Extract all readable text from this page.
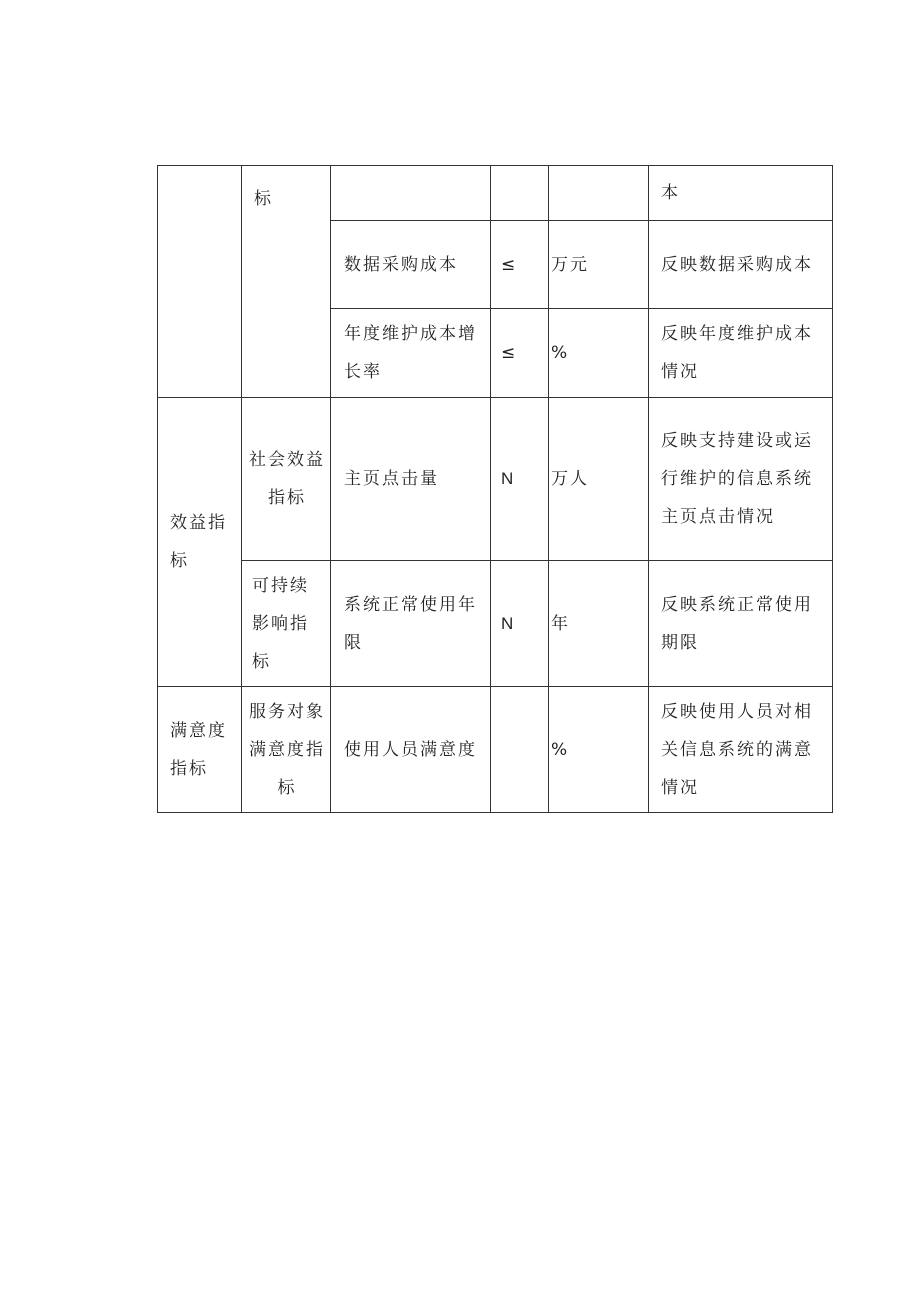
	标				本
		数据采购成本	≤	万元	反映数据采购成本
		年度维护成本增长率	≤	%	反映年度维护成本情况
效益指标	社会效益指标	主页点击量	N	万人	反映支持建设或运行维护的信息系统主页点击情况
	可持续影响指标	系统正常使用年限	N	年	反映系统正常使用期限
满意度指标	服务对象满意度指标	使用人员满意度		%	反映使用人员对相关信息系统的满意情况
